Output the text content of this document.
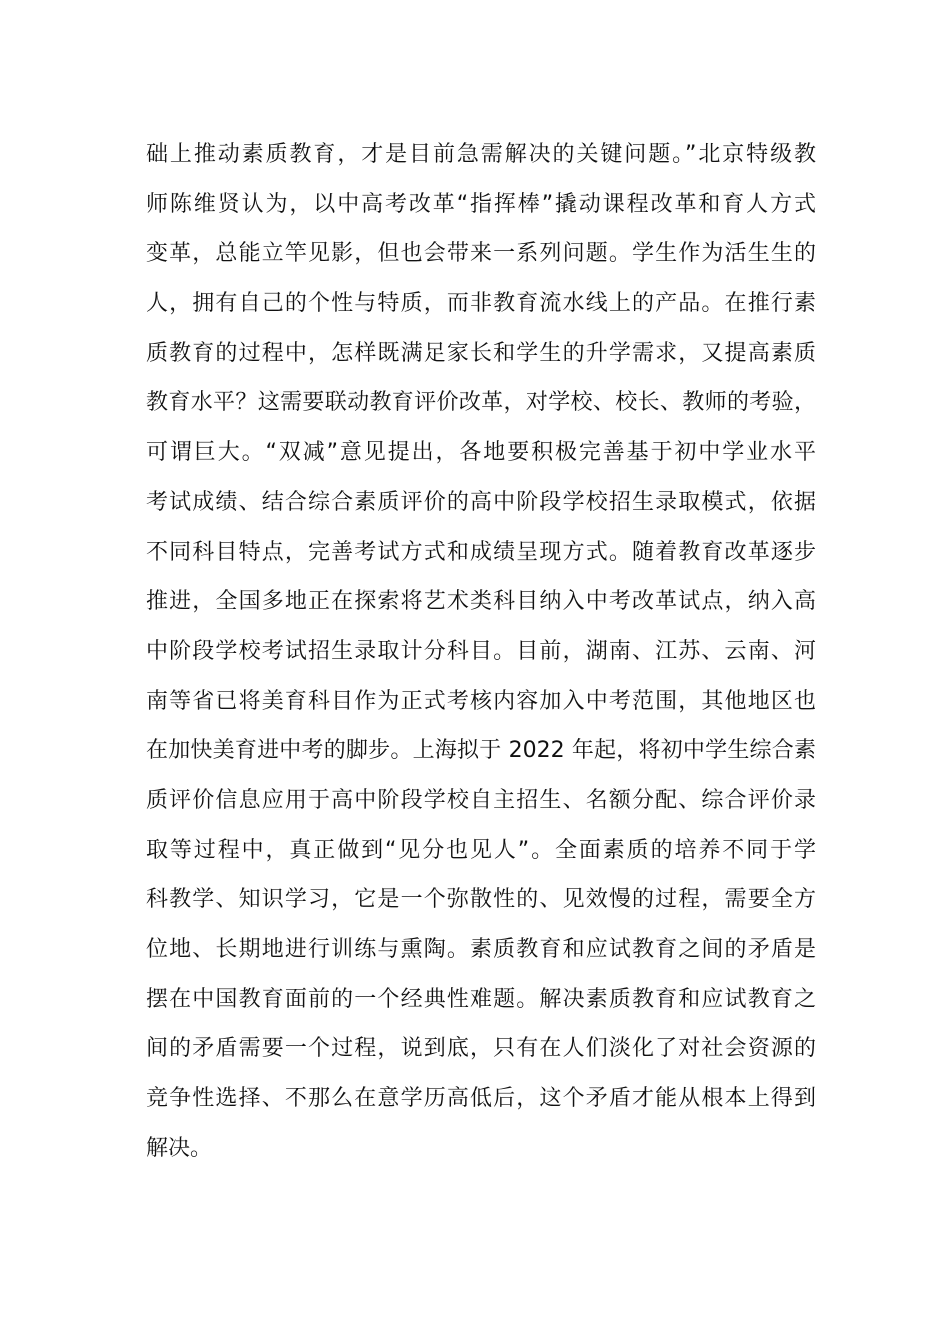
础上推动素质教育，才是目前急需解决的关键问题。”北京特级教
师陈维贤认为，以中高考改革“指挥棒”撬动课程改革和育人方式
变革，总能立竿见影，但也会带来一系列问题。学生作为活生生的
人，拥有自己的个性与特质，而非教育流水线上的产品。在推行素
质教育的过程中，怎样既满足家长和学生的升学需求，又提高素质
教育水平？这需要联动教育评价改革，对学校、校长、教师的考验，
可谓巨大。“双减”意见提出，各地要积极完善基于初中学业水平
考试成绩、结合综合素质评价的高中阶段学校招生录取模式，依据
不同科目特点，完善考试方式和成绩呈现方式。随着教育改革逐步
推进，全国多地正在探索将艺术类科目纳入中考改革试点，纳入高
中阶段学校考试招生录取计分科目。目前，湖南、江苏、云南、河
南等省已将美育科目作为正式考核内容加入中考范围，其他地区也
在加快美育进中考的脚步。上海拟于 2022 年起，将初中学生综合素
质评价信息应用于高中阶段学校自主招生、名额分配、综合评价录
取等过程中，真正做到“见分也见人”。全面素质的培养不同于学
科教学、知识学习，它是一个弥散性的、见效慢的过程，需要全方
位地、长期地进行训练与熏陶。素质教育和应试教育之间的矛盾是
摆在中国教育面前的一个经典性难题。解决素质教育和应试教育之
间的矛盾需要一个过程，说到底，只有在人们淡化了对社会资源的
竞争性选择、不那么在意学历高低后，这个矛盾才能从根本上得到
解决。
